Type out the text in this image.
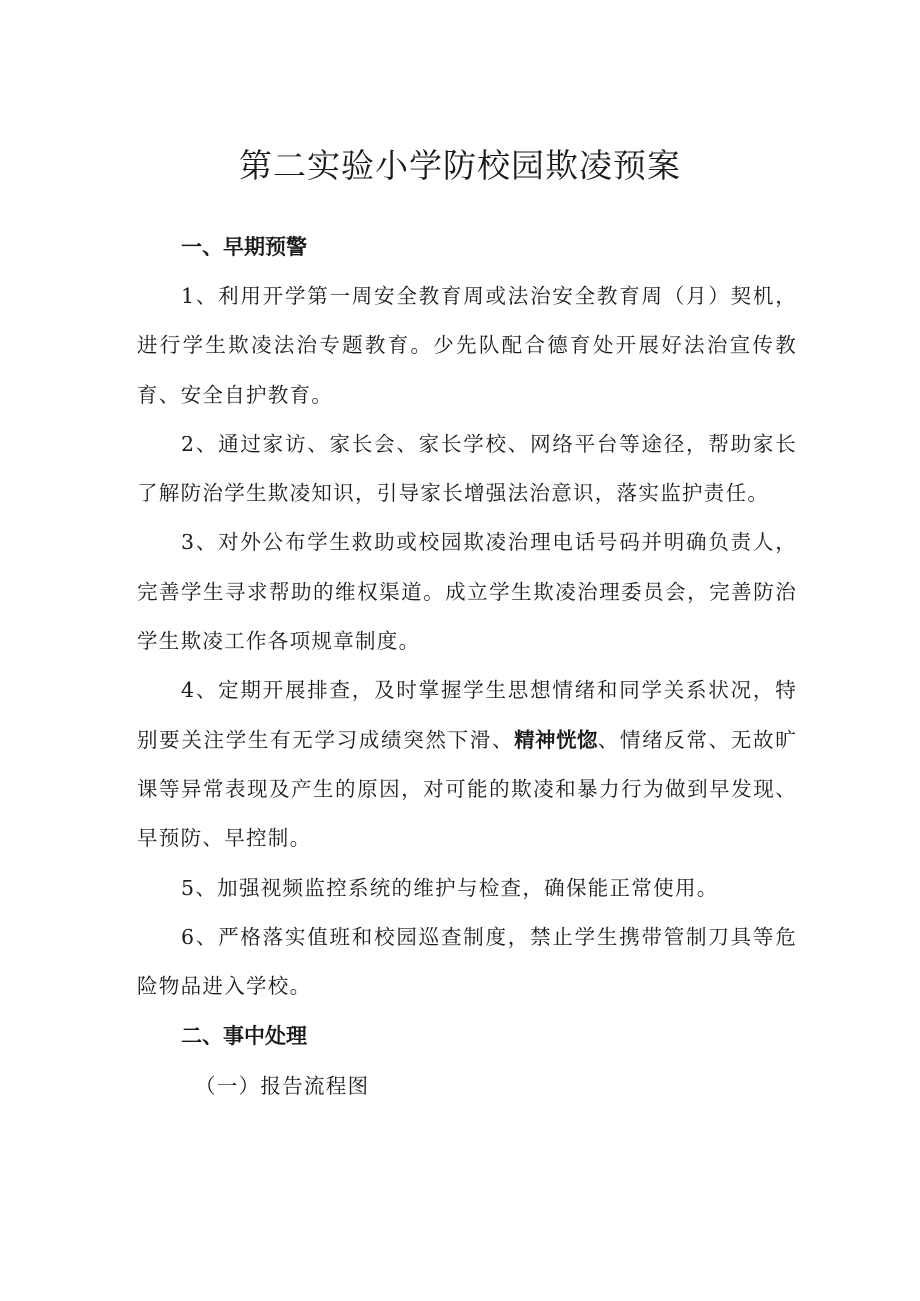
第二实验小学防校园欺凌预案
一、早期预警

1、利用开学第一周安全教育周或法治安全教育周（月）契机，进行学生欺凌法治专题教育。少先队配合德育处开展好法治宣传教育、安全自护教育。

2、通过家访、家长会、家长学校、网络平台等途径，帮助家长了解防治学生欺凌知识，引导家长增强法治意识，落实监护责任。

3、对外公布学生救助或校园欺凌治理电话号码并明确负责人，完善学生寻求帮助的维权渠道。成立学生欺凌治理委员会，完善防治学生欺凌工作各项规章制度。

4、定期开展排查，及时掌握学生思想情绪和同学关系状况，特别要关注学生有无学习成绩突然下滑、精神恍惚、情绪反常、无故旷课等异常表现及产生的原因，对可能的欺凌和暴力行为做到早发现、早预防、早控制。

5、加强视频监控系统的维护与检查，确保能正常使用。

6、严格落实值班和校园巡查制度，禁止学生携带管制刀具等危险物品进入学校。

二、事中处理

（一）报告流程图
